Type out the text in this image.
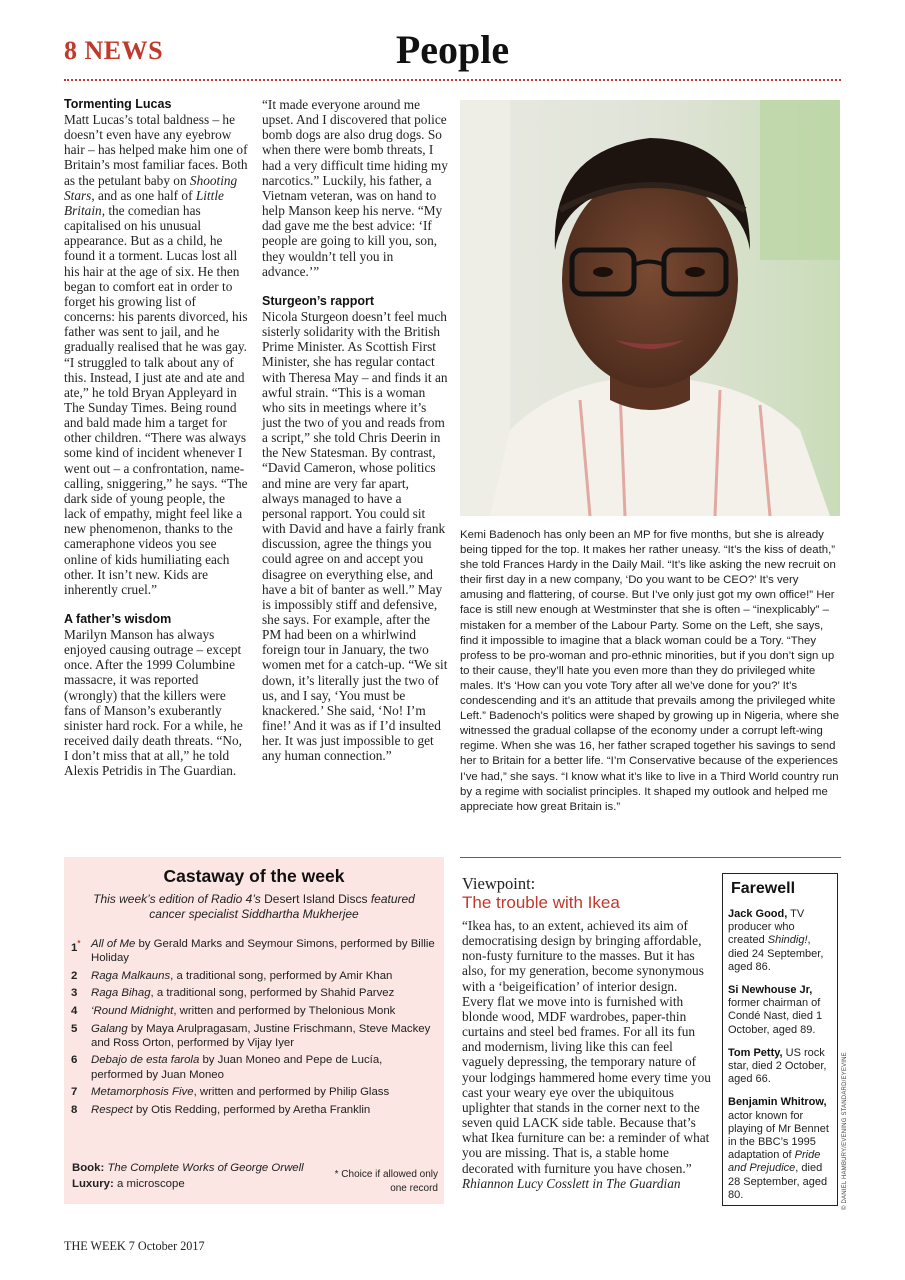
8 NEWS	People

Tormenting Lucas

Matt Lucas’s total baldness – he doesn’t even have any eyebrow hair – has helped make him one of Britain’s most familiar faces. Both as the petulant baby on Shooting Stars, and as one half of Little Britain, the comedian has capitalised on his unusual appearance. But as a child, he found it a torment. Lucas lost all his hair at the age of six. He then began to comfort eat in order to forget his growing list of concerns: his parents divorced, his father was sent to jail, and he gradually realised that he was gay. “I struggled to talk about any of this. Instead, I just ate and ate and ate,” he told Bryan Appleyard in The Sunday Times. Being round and bald made him a target for other children. “There was always some kind of incident whenever I went out – a confrontation, name-calling, sniggering,” he says. “The dark side of young people, the lack of empathy, might feel like a new phenomenon, thanks to the cameraphone videos you see online of kids humiliating each other. It isn’t new. Kids are inherently cruel.”

A father’s wisdom

Marilyn Manson has always enjoyed causing outrage – except once. After the 1999 Columbine massacre, it was reported (wrongly) that the killers were fans of Manson’s exuberantly sinister hard rock. For a while, he received daily death threats. “No, I don’t miss that at all,” he told Alexis Petridis in The Guardian.

“It made everyone around me upset. And I discovered that police bomb dogs are also drug dogs. So when there were bomb threats, I had a very difficult time hiding my narcotics.” Luckily, his father, a Vietnam veteran, was on hand to help Manson keep his nerve. “My dad gave me the best advice: ‘If people are going to kill you, son, they wouldn’t tell you in advance.’”

Sturgeon’s rapport

Nicola Sturgeon doesn’t feel much sisterly solidarity with the British Prime Minister. As Scottish First Minister, she has regular contact with Theresa May – and finds it an awful strain. “This is a woman who sits in meetings where it’s just the two of you and reads from a script,” she told Chris Deerin in the New Statesman. By contrast, “David Cameron, whose politics and mine are very far apart, always managed to have a personal rapport. You could sit with David and have a fairly frank discussion, agree the things you could agree on and accept you disagree on everything else, and have a bit of banter as well.” May is impossibly stiff and defensive, she says. For example, after the PM had been on a whirlwind foreign tour in January, the two women met for a catch-up. “We sit down, it’s literally just the two of us, and I say, ‘You must be knackered.’ She said, ‘No! I’m fine!’ And it was as if I’d insulted her. It was just impossible to get any human connection.”

Kemi Badenoch has only been an MP for five months, but she is already being tipped for the top. It makes her rather uneasy. “It’s the kiss of death,” she told Frances Hardy in the Daily Mail. “It’s like asking the new recruit on their first day in a new company, ‘Do you want to be CEO?’ It’s very amusing and flattering, of course. But I’ve only just got my own office!” Her face is still new enough at Westminster that she is often – “inexplicably” – mistaken for a member of the Labour Party. Some on the Left, she says, find it impossible to imagine that a black woman could be a Tory. “They profess to be pro-woman and pro-ethnic minorities, but if you don’t sign up to their cause, they’ll hate you even more than they do privileged white males. It’s ‘How can you vote Tory after all we’ve done for you?’ It’s condescending and it’s an attitude that prevails among the privileged white Left.” Badenoch’s politics were shaped by growing up in Nigeria, where she witnessed the gradual collapse of the economy under a corrupt left-wing regime. When she was 16, her father scraped together his savings to send her to Britain for a better life. “I’m Conservative because of the experiences I’ve had,” she says. “I know what it’s like to live in a Third World country run by a regime with socialist principles. It shaped my outlook and helped me appreciate how great Britain is.”
Castaway of the week
This week’s edition of Radio 4’s Desert Island Discs featured cancer specialist Siddhartha Mukherjee
1* All of Me by Gerald Marks and Seymour Simons, performed by Billie Holiday
2	Raga Malkauns, a traditional song, performed by Amir Khan
3	Raga Bihag, a traditional song, performed by Shahid Parvez
4	‘Round Midnight, written and performed by Thelonious Monk
5	Galang by Maya Arulpragasam, Justine Frischmann, Steve Mackey and Ross Orton, performed by Vijay Iyer
6	Debajo de esta farola by Juan Moneo and Pepe de Lucía, performed by Juan Moneo
7	Metamorphosis Five, written and performed by Philip Glass
8	Respect by Otis Redding, performed by Aretha Franklin
Book: The Complete Works of George Orwell
Luxury: a microscope
* Choice if allowed only one record
Viewpoint:
The trouble with Ikea
“Ikea has, to an extent, achieved its aim of democratising design by bringing affordable, non-fusty furniture to the masses. But it has also, for my generation, become synonymous with a ‘beigeification’ of interior design. Every flat we move into is furnished with blonde wood, MDF wardrobes, paper-thin curtains and steel bed frames. For all its fun and modernism, living like this can feel vaguely depressing, the temporary nature of your lodgings hammered home every time you cast your weary eye over the ubiquitous uplighter that stands in the corner next to the seven quid LACK side table. Because that’s what Ikea furniture can be: a reminder of what you are missing. That is, a stable home decorated with furniture you have chosen.”
Rhiannon Lucy Cosslett in The Guardian
Farewell
Jack Good, TV producer who created Shindig!, died 24 September, aged 86.
Si Newhouse Jr, former chairman of Condé Nast, died 1 October, aged 89.
Tom Petty, US rock star, died 2 October, aged 66.
Benjamin Whitrow, actor known for playing of Mr Bennet in the BBC’s 1995 adaptation of Pride and Prejudice, died 28 September, aged 80.	© DANIEL HAMBURY/EVENING STANDARD/EYEVINE
THE WEEK 7 October 2017
